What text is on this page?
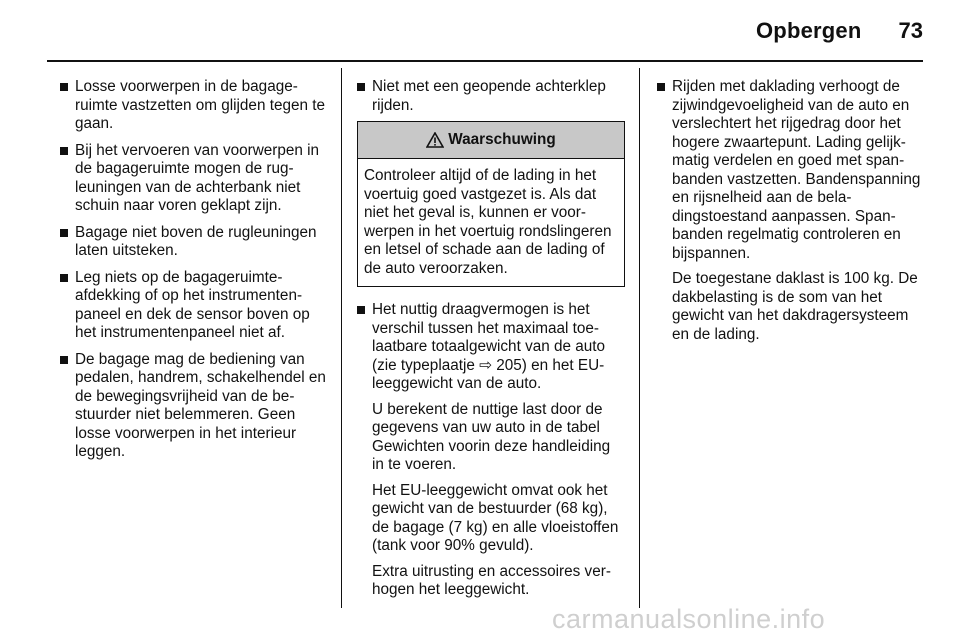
Opbergen	73
Losse voorwerpen in de bagageruimte vastzetten om glijden tegen te gaan.
Bij het vervoeren van voorwerpen in de bagageruimte mogen de rugleuningen van de achterbank niet schuin naar voren geklapt zijn.
Bagage niet boven de rugleuningen laten uitsteken.
Leg niets op de bagageruimteafdekking of op het instrumentenpaneel en dek de sensor boven op het instrumentenpaneel niet af.
De bagage mag de bediening van pedalen, handrem, schakelhendel en de bewegingsvrijheid van de bestuurder niet belemmeren. Geen losse voorwerpen in het interieur leggen.
Niet met een geopende achterklep rijden.
Waarschuwing
Controleer altijd of de lading in het voertuig goed vastgezet is. Als dat niet het geval is, kunnen er voorwerpen in het voertuig rondslingeren en letsel of schade aan de lading of de auto veroorzaken.
Het nuttig draagvermogen is het verschil tussen het maximaal toelaatbare totaalgewicht van de auto (zie typeplaatje ⇨ 205) en het EU-leeggewicht van de auto.

U berekent de nuttige last door de gegevens van uw auto in de tabel Gewichten voorin deze handleiding in te voeren.

Het EU-leeggewicht omvat ook het gewicht van de bestuurder (68 kg), de bagage (7 kg) en alle vloeistoffen (tank voor 90% gevuld).

Extra uitrusting en accessoires verhogen het leeggewicht.

Rijden met daklading verhoogt de zijwindgevoeligheid van de auto en verslechtert het rijgedrag door het hogere zwaartepunt. Lading gelijkmatig verdelen en goed met spanbanden vastzetten. Bandenspanning en rijsnelheid aan de beladingstoestand aanpassen. Spanbanden regelmatig controleren en bijspannen.

De toegestane daklast is 100 kg. De dakbelasting is de som van het gewicht van het dakdragersysteem en de lading.

carmanualsonline.info
